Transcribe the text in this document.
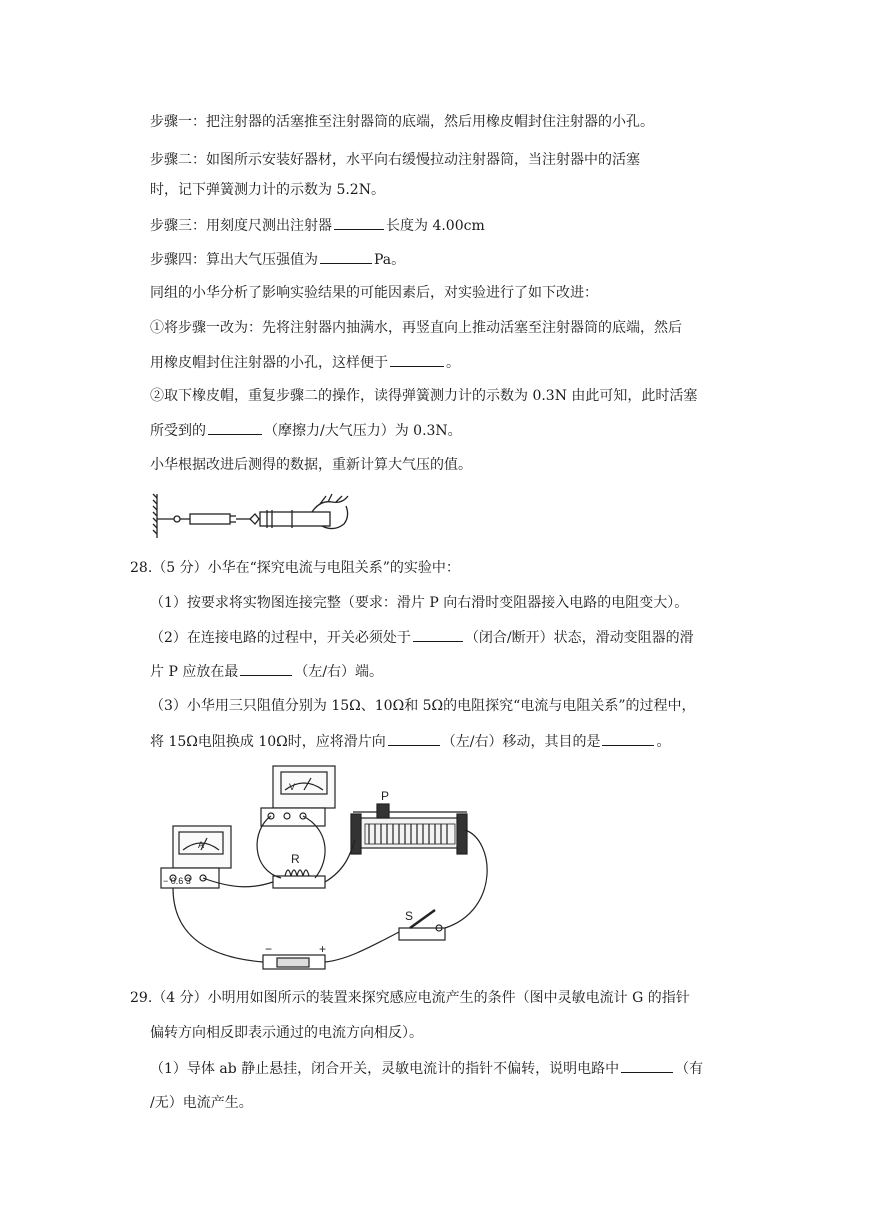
步骤一：把注射器的活塞推至注射器筒的底端，然后用橡皮帽封住注射器的小孔。
步骤二：如图所示安装好器材，水平向右缓慢拉动注射器筒，当注射器中的活塞
时，记下弹簧测力计的示数为 5.2N。
步骤三：用刻度尺测出注射器	长度为 4.00cm
步骤四：算出大气压强值为	Pa。
同组的小华分析了影响实验结果的可能因素后，对实验进行了如下改进：
①将步骤一改为：先将注射器内抽满水，再竖直向上推动活塞至注射器筒的底端，然后
用橡皮帽封住注射器的小孔，这样便于	。
②取下橡皮帽，重复步骤二的操作，读得弹簧测力计的示数为 0.3N 由此可知，此时活塞
所受到的	（摩擦力/大气压力）为 0.3N。
小华根据改进后测得的数据，重新计算大气压的值。
28.（5 分）小华在“探究电流与电阻关系”的实验中：
（1）按要求将实物图连接完整（要求：滑片 P 向右滑时变阻器接入电路的电阻变大）。
（2）在连接电路的过程中，开关必须处于	（闭合/断开）状态，滑动变阻器的滑
片 P 应放在最	（左/右）端。
（3）小华用三只阻值分别为 15Ω、10Ω和 5Ω的电阻探究“电流与电阻关系”的过程中，
将 15Ω电阻换成 10Ω时，应将滑片向	（左/右）移动，其目的是	。
V
A
− 0.6 3
R
P
S
−	+
29.（4 分）小明用如图所示的装置来探究感应电流产生的条件（图中灵敏电流计 G 的指针
偏转方向相反即表示通过的电流方向相反）。
（1）导体 ab 静止悬挂，闭合开关，灵敏电流计的指针不偏转，说明电路中	（有
/无）电流产生。
